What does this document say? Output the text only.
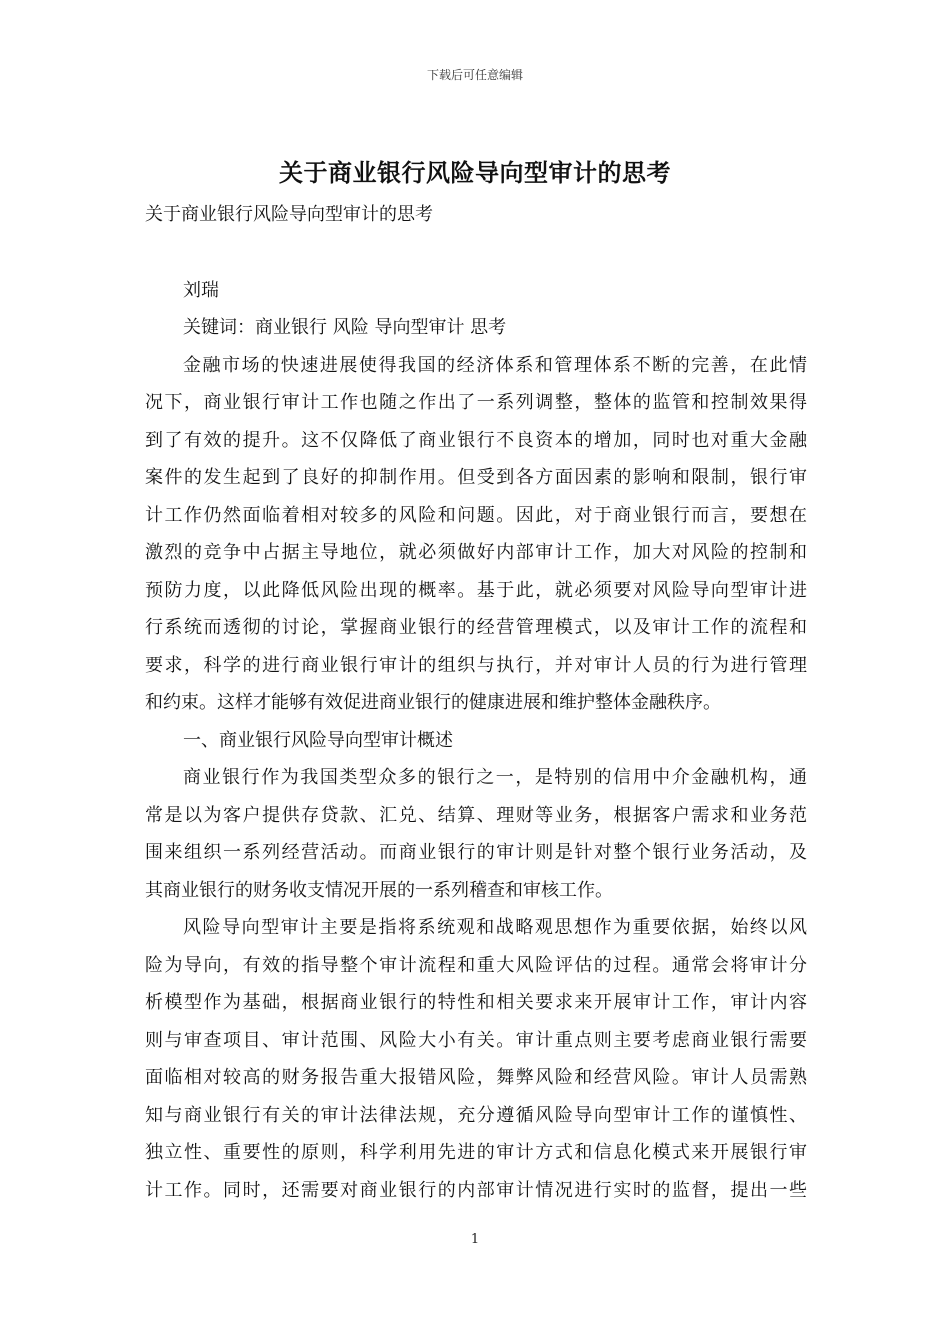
下载后可任意编辑
关于商业银行风险导向型审计的思考
关于商业银行风险导向型审计的思考
刘瑞
关键词：商业银行 风险 导向型审计 思考
金融市场的快速进展使得我国的经济体系和管理体系不断的完善，在此情
况下，商业银行审计工作也随之作出了一系列调整，整体的监管和控制效果得
到了有效的提升。这不仅降低了商业银行不良资本的增加，同时也对重大金融
案件的发生起到了良好的抑制作用。但受到各方面因素的影响和限制，银行审
计工作仍然面临着相对较多的风险和问题。因此，对于商业银行而言，要想在
激烈的竞争中占据主导地位，就必须做好内部审计工作，加大对风险的控制和
预防力度，以此降低风险出现的概率。基于此，就必须要对风险导向型审计进
行系统而透彻的讨论，掌握商业银行的经营管理模式，以及审计工作的流程和
要求，科学的进行商业银行审计的组织与执行，并对审计人员的行为进行管理
和约束。这样才能够有效促进商业银行的健康进展和维护整体金融秩序。
一、商业银行风险导向型审计概述
商业银行作为我国类型众多的银行之一，是特别的信用中介金融机构，通
常是以为客户提供存贷款、汇兑、结算、理财等业务，根据客户需求和业务范
围来组织一系列经营活动。而商业银行的审计则是针对整个银行业务活动，及
其商业银行的财务收支情况开展的一系列稽查和审核工作。
风险导向型审计主要是指将系统观和战略观思想作为重要依据，始终以风
险为导向，有效的指导整个审计流程和重大风险评估的过程。通常会将审计分
析模型作为基础，根据商业银行的特性和相关要求来开展审计工作，审计内容
则与审查项目、审计范围、风险大小有关。审计重点则主要考虑商业银行需要
面临相对较高的财务报告重大报错风险，舞弊风险和经营风险。审计人员需熟
知与商业银行有关的审计法律法规，充分遵循风险导向型审计工作的谨慎性、
独立性、重要性的原则，科学利用先进的审计方式和信息化模式来开展银行审
计工作。同时，还需要对商业银行的内部审计情况进行实时的监督，提出一些
1
